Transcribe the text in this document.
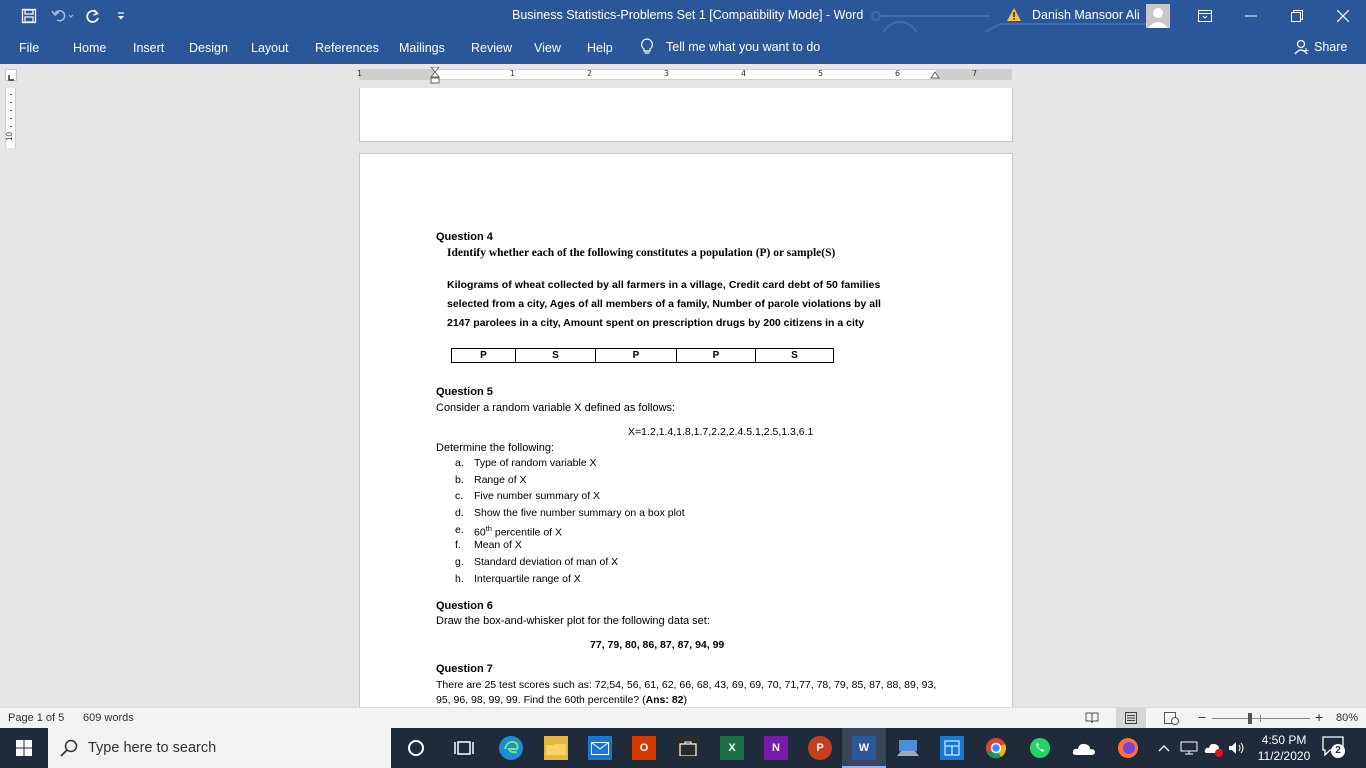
Business Statistics-Problems Set 1 [Compatibility Mode] - Word	Danish Mansoor Ali
File	Home Insert Design Layout References Mailings Review View Help	Tell me what you want to do	Share
1	1	2	3	4	5	6	7
10
Question 4
Identify whether each of the following constitutes a population (P) or sample(S)
Kilograms of wheat collected by all farmers in a village, Credit card debt of 50 families
selected from a city, Ages of all members of a family, Number of parole violations by all
2147 parolees in a city, Amount spent on prescription drugs by 200 citizens in a city
P	S	P	P	S
Question 5
Consider a random variable X defined as follows:
X=1.2,1.4,1.8,1.7,2.2,2.4.5.1,2.5,1.3,6.1
Determine the following:
a. Type of random variable X
b. Range of X
c. Five number summary of X
d. Show the five number summary on a box plot
e. 60th percentile of X
f. Mean of X
g. Standard deviation of man of X
h. Interquartile range of X
Question 6
Draw the box-and-whisker plot for the following data set:
77, 79, 80, 86, 87, 87, 94, 99
Question 7
There are 25 test scores such as: 72,54, 56, 61, 62, 66, 68, 43, 69, 69, 70, 71,77, 78, 79, 85, 87, 88, 89, 93,
95, 96, 98, 99, 99. Find the 60th percentile? (Ans: 82)
Page 1 of 5 609 words	−	+ 80%
Type here to search	O	X	N	P	W
4:50 PM
11/2/2020	2
